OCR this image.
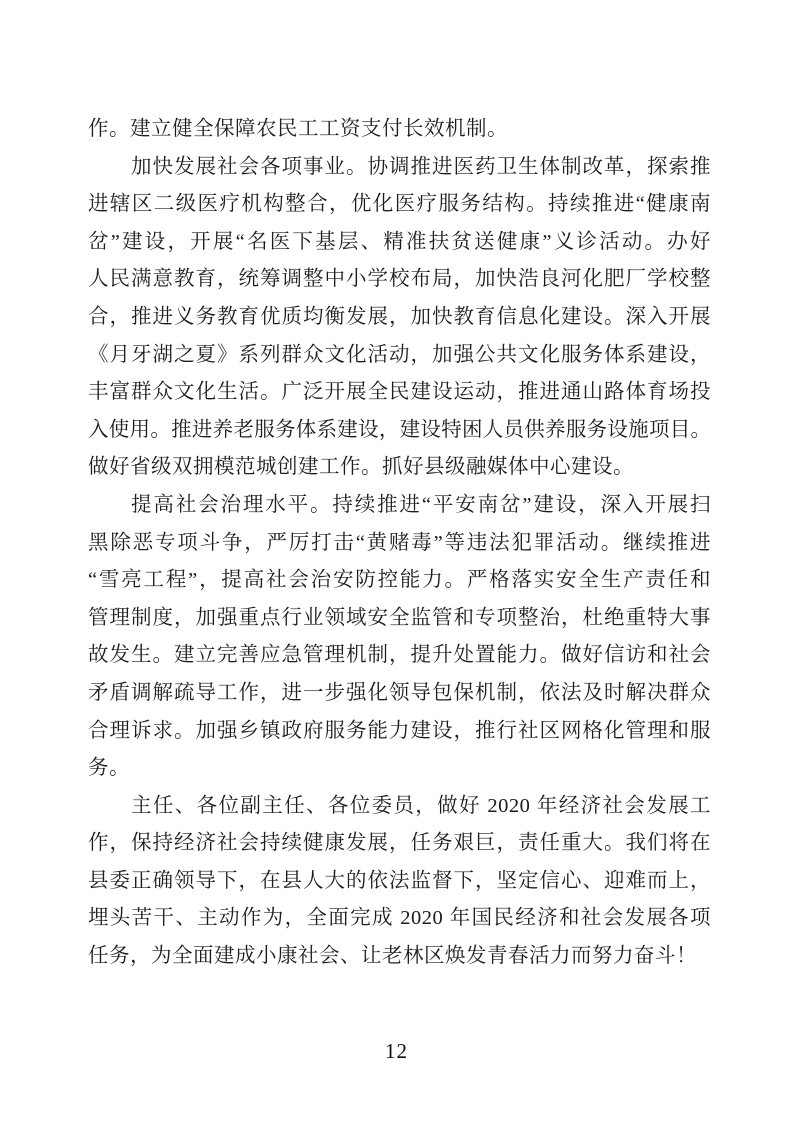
作。建立健全保障农民工工资支付长效机制。

加快发展社会各项事业。协调推进医药卫生体制改革，探索推
进辖区二级医疗机构整合，优化医疗服务结构。持续推进“健康南
岔”建设，开展“名医下基层、精准扶贫送健康”义诊活动。办好
人民满意教育，统筹调整中小学校布局，加快浩良河化肥厂学校整
合，推进义务教育优质均衡发展，加快教育信息化建设。深入开展
《月牙湖之夏》系列群众文化活动，加强公共文化服务体系建设，
丰富群众文化生活。广泛开展全民建设运动，推进通山路体育场投
入使用。推进养老服务体系建设，建设特困人员供养服务设施项目。
做好省级双拥模范城创建工作。抓好县级融媒体中心建设。

提高社会治理水平。持续推进“平安南岔”建设，深入开展扫
黑除恶专项斗争，严厉打击“黄赌毒”等违法犯罪活动。继续推进
“雪亮工程”，提高社会治安防控能力。严格落实安全生产责任和
管理制度，加强重点行业领域安全监管和专项整治，杜绝重特大事
故发生。建立完善应急管理机制，提升处置能力。做好信访和社会
矛盾调解疏导工作，进一步强化领导包保机制，依法及时解决群众
合理诉求。加强乡镇政府服务能力建设，推行社区网格化管理和服
务。

主任、各位副主任、各位委员，做好 2020 年经济社会发展工
作，保持经济社会持续健康发展，任务艰巨，责任重大。我们将在
县委正确领导下，在县人大的依法监督下，坚定信心、迎难而上，
埋头苦干、主动作为，全面完成 2020 年国民经济和社会发展各项
任务，为全面建成小康社会、让老林区焕发青春活力而努力奋斗！

12
